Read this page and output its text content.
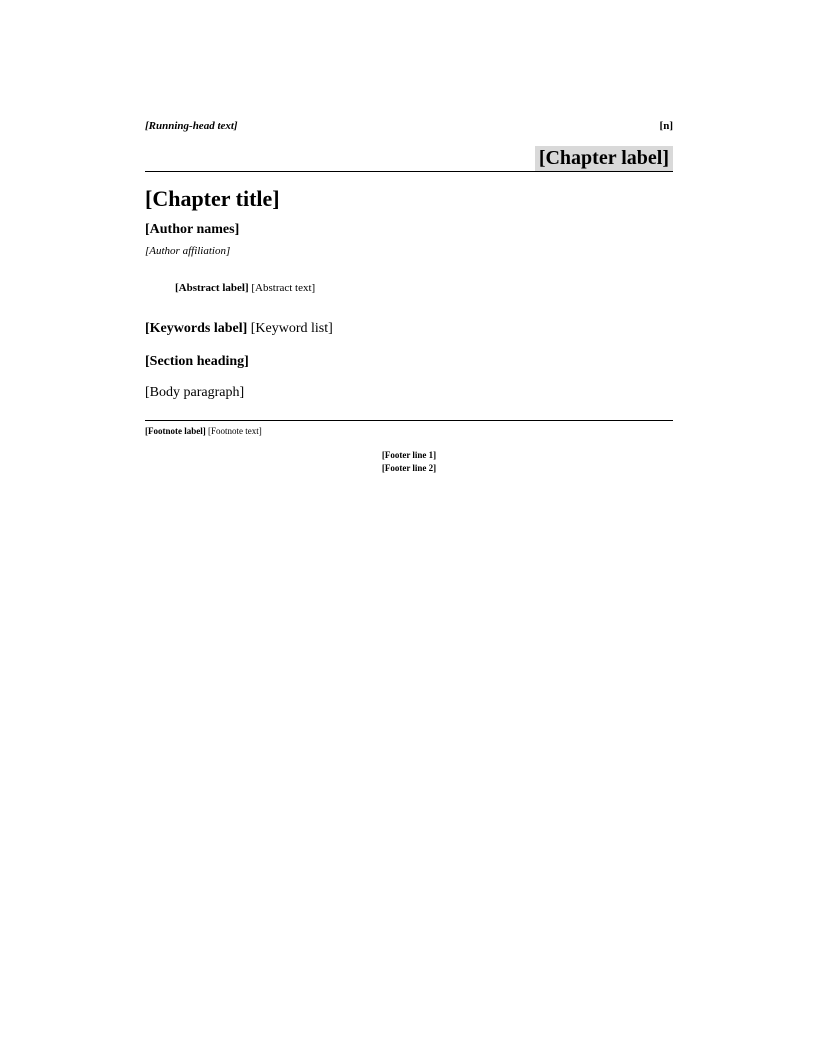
[Running-head text]	[n]
[Chapter label]
[Chapter title]
[Author names]
[Author affiliation]
[Abstract label] [Abstract text]
[Keywords label] [Keyword list]
[Section heading]
[Body paragraph]
[Footnote label] [Footnote text]
[Footer line 1]
[Footer line 2]
